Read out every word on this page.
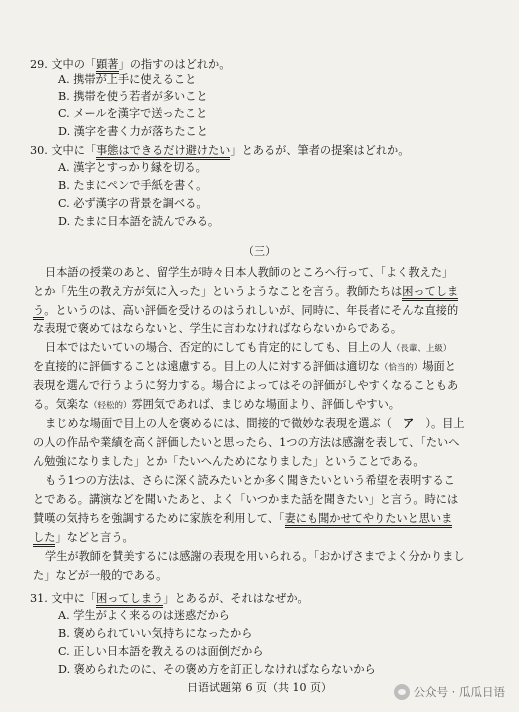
29. 文中の「顕著」の指すのはどれか。
A. 携帯が上手に使えること
B. 携帯を使う若者が多いこと
C. メールを漢字で送ったこと
D. 漢字を書く力が落ちたこと
30. 文中に「事態はできるだけ避けたい」とあるが、筆者の提案はどれか。
A. 漢字とすっかり縁を切る。
B. たまにペンで手紙を書く。
C. 必ず漢字の背景を調べる。
D. たまに日本語を読んでみる。
（三）
日本語の授業のあと、留学生が時々日本人教師のところへ行って、「よく教えた」
とか「先生の教え方が気に入った」というようなことを言う。教師たちは困ってしま
う。というのは、高い評価を受けるのはうれしいが、同時に、年長者にそんな直接的
な表現で褒めてはならないと、学生に言わなければならないからである。
日本ではたいていの場合、否定的にしても肯定的にしても、目上の人（長輩、上級）
を直接的に評価することは遠慮する。目上の人に対する評価は適切な（恰当的）場面と
表現を選んで行うように努力する。場合によってはその評価がしやすくなることもあ
る。気楽な（轻松的）雰囲気であれば、まじめな場面より、評価しやすい。
まじめな場面で目上の人を褒めるには、間接的で微妙な表現を選ぶ（　ア　）。目上
の人の作品や業績を高く評価したいと思ったら、1つの方法は感謝を表して、「たいへ
ん勉強になりました」とか「たいへんためになりました」ということである。
もう1つの方法は、さらに深く読みたいとか多く聞きたいという希望を表明するこ
とである。講演などを聞いたあと、よく「いつかまた話を聞きたい」と言う。時には
賛嘆の気持ちを強調するために家族を利用して、「妻にも聞かせてやりたいと思いま
した」などと言う。
学生が教師を賛美するには感謝の表現を用いられる。「おかげさまでよく分かりまし
た」などが一般的である。
31. 文中に「困ってしまう」とあるが、それはなぜか。
A. 学生がよく来るのは迷惑だから
B. 褒められていい気持ちになったから
C. 正しい日本語を教えるのは面倒だから
D. 褒められたのに、その褒め方を訂正しなければならないから
日语试题第 6 页（共 10 页）	公众号 · 瓜瓜日语
